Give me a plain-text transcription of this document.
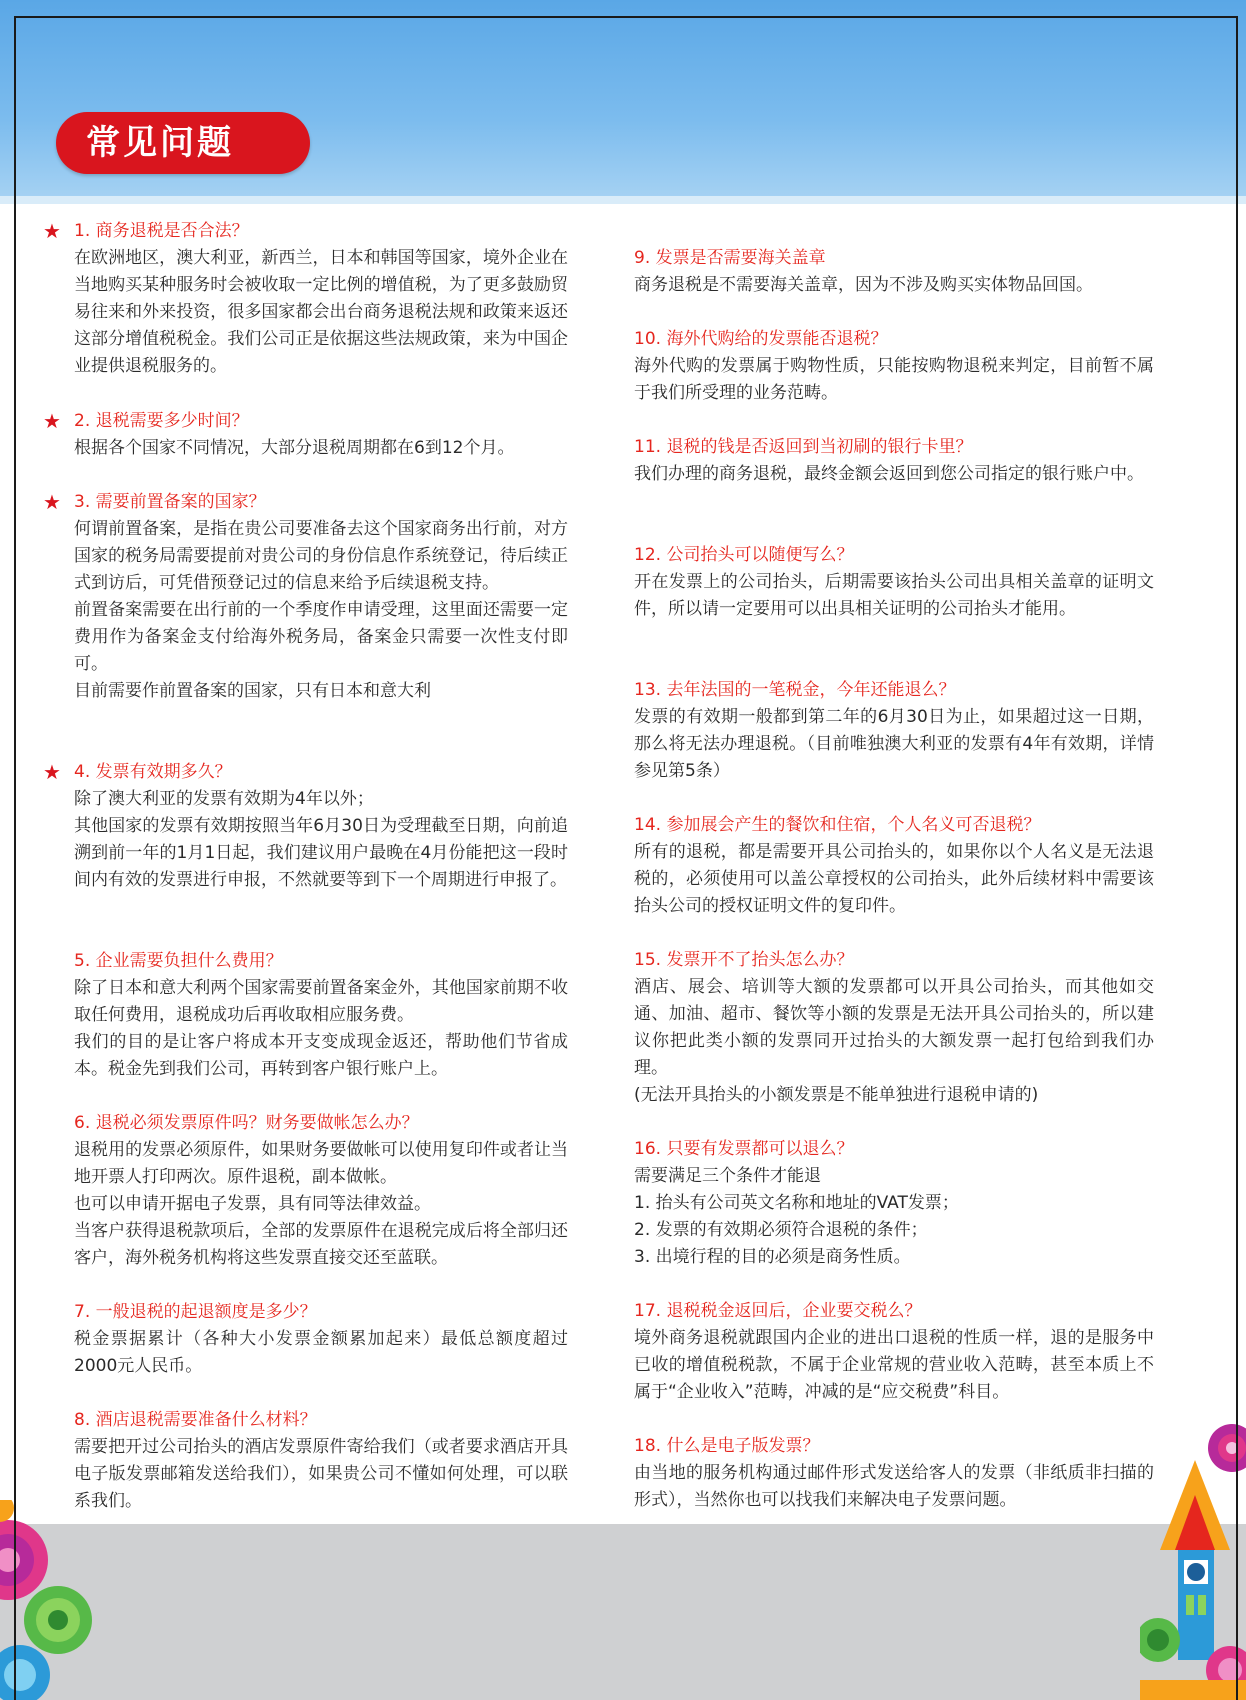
常见问题
★ 1. 商务退税是否合法？

在欧洲地区，澳大利亚，新西兰，日本和韩国等国家，境外企业在当地购买某种服务时会被收取一定比例的增值税，为了更多鼓励贸易往来和外来投资，很多国家都会出台商务退税法规和政策来返还这部分增值税税金。我们公司正是依据这些法规政策，来为中国企业提供退税服务的。

★ 2. 退税需要多少时间？

根据各个国家不同情况，大部分退税周期都在6到12个月。

★ 3. 需要前置备案的国家？

何谓前置备案，是指在贵公司要准备去这个国家商务出行前，对方国家的税务局需要提前对贵公司的身份信息作系统登记，待后续正式到访后，可凭借预登记过的信息来给予后续退税支持。

前置备案需要在出行前的一个季度作申请受理，这里面还需要一定费用作为备案金支付给海外税务局，备案金只需要一次性支付即可。

目前需要作前置备案的国家，只有日本和意大利

★ 4. 发票有效期多久？

除了澳大利亚的发票有效期为4年以外；

其他国家的发票有效期按照当年6月30日为受理截至日期，向前追溯到前一年的1月1日起，我们建议用户最晚在4月份能把这一段时间内有效的发票进行申报，不然就要等到下一个周期进行申报了。

5. 企业需要负担什么费用？

除了日本和意大利两个国家需要前置备案金外，其他国家前期不收取任何费用，退税成功后再收取相应服务费。

我们的目的是让客户将成本开支变成现金返还，帮助他们节省成本。税金先到我们公司，再转到客户银行账户上。

6. 退税必须发票原件吗？财务要做帐怎么办？

退税用的发票必须原件，如果财务要做帐可以使用复印件或者让当地开票人打印两次。原件退税，副本做帐。

也可以申请开据电子发票，具有同等法律效益。

当客户获得退税款项后，全部的发票原件在退税完成后将全部归还客户，海外税务机构将这些发票直接交还至蓝联。

7. 一般退税的起退额度是多少？

税金票据累计（各种大小发票金额累加起来）最低总额度超过2000元人民币。

8. 酒店退税需要准备什么材料？

需要把开过公司抬头的酒店发票原件寄给我们（或者要求酒店开具电子版发票邮箱发送给我们），如果贵公司不懂如何处理，可以联系我们。

9. 发票是否需要海关盖章

商务退税是不需要海关盖章，因为不涉及购买实体物品回国。

10. 海外代购给的发票能否退税？

海外代购的发票属于购物性质，只能按购物退税来判定，目前暂不属于我们所受理的业务范畴。

11. 退税的钱是否返回到当初刷的银行卡里？

我们办理的商务退税，最终金额会返回到您公司指定的银行账户中。

12. 公司抬头可以随便写么？

开在发票上的公司抬头，后期需要该抬头公司出具相关盖章的证明文件，所以请一定要用可以出具相关证明的公司抬头才能用。

13. 去年法国的一笔税金，今年还能退么？

发票的有效期一般都到第二年的6月30日为止，如果超过这一日期，那么将无法办理退税。（目前唯独澳大利亚的发票有4年有效期，详情参见第5条）

14. 参加展会产生的餐饮和住宿，个人名义可否退税？

所有的退税，都是需要开具公司抬头的，如果你以个人名义是无法退税的，必须使用可以盖公章授权的公司抬头，此外后续材料中需要该抬头公司的授权证明文件的复印件。

15. 发票开不了抬头怎么办？

酒店、展会、培训等大额的发票都可以开具公司抬头，而其他如交通、加油、超市、餐饮等小额的发票是无法开具公司抬头的，所以建议你把此类小额的发票同开过抬头的大额发票一起打包给到我们办理。

(无法开具抬头的小额发票是不能单独进行退税申请的)

16. 只要有发票都可以退么？

需要满足三个条件才能退

1. 抬头有公司英文名称和地址的VAT发票；

2. 发票的有效期必须符合退税的条件；

3. 出境行程的目的必须是商务性质。

17. 退税税金返回后，企业要交税么？

境外商务退税就跟国内企业的进出口退税的性质一样，退的是服务中已收的增值税税款，不属于企业常规的营业收入范畴，甚至本质上不属于“企业收入”范畴，冲减的是“应交税费”科目。

18. 什么是电子版发票？

由当地的服务机构通过邮件形式发送给客人的发票（非纸质非扫描的形式），当然你也可以找我们来解决电子发票问题。
